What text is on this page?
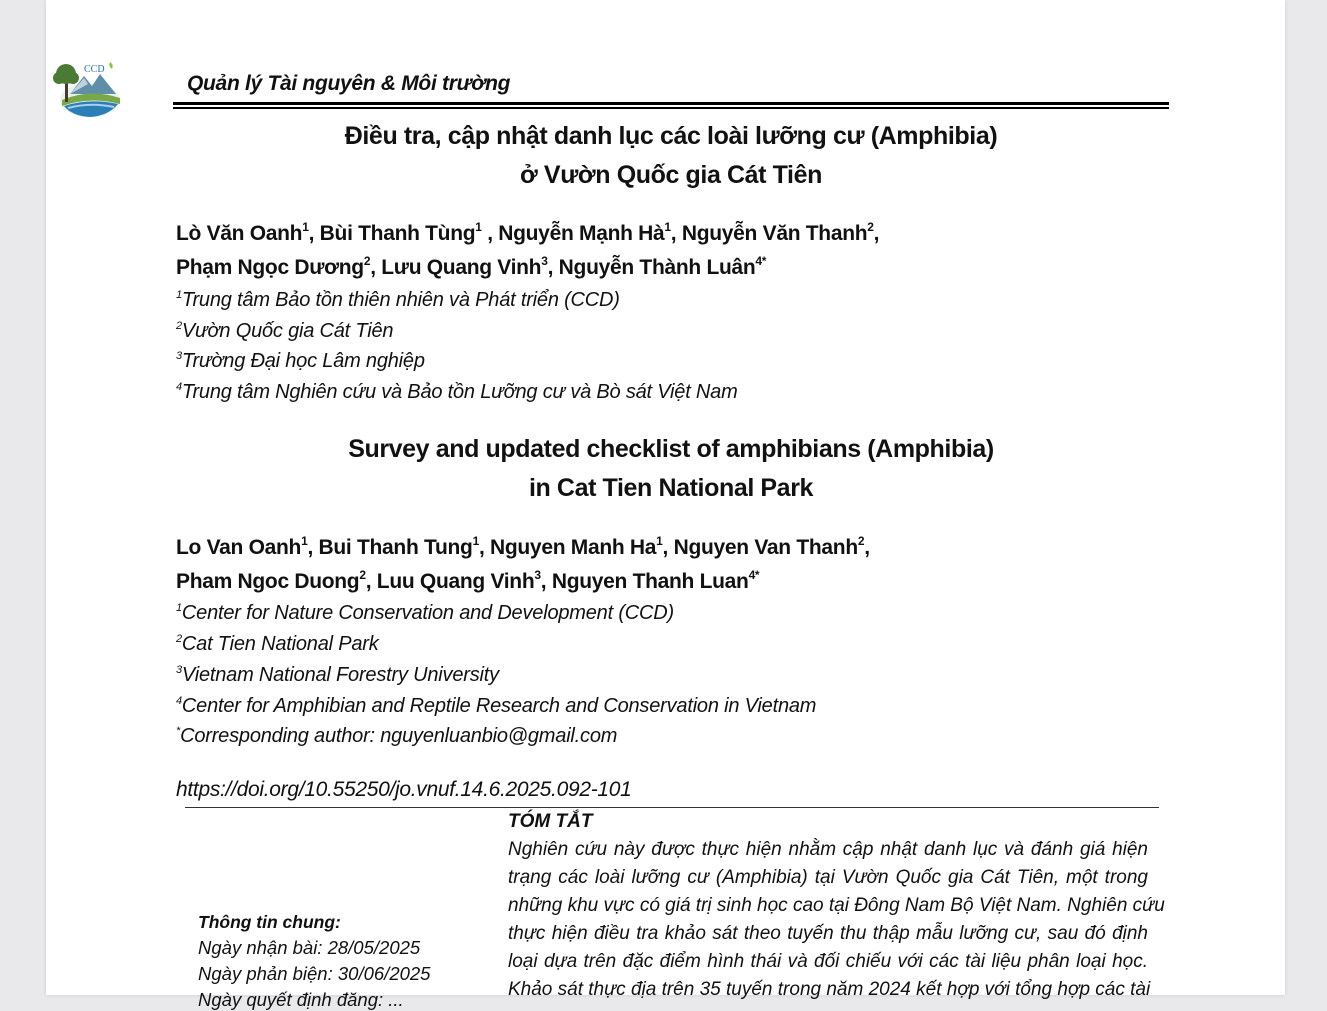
CCD
Quản lý Tài nguyên & Môi trường
Điều tra, cập nhật danh lục các loài lưỡng cư (Amphibia)
ở Vườn Quốc gia Cát Tiên
Lò Văn Oanh$^1$, Bùi Thanh Tùng$^1$ , Nguyễn Mạnh $Hà^1$, Nguyễn Văn Thanh$^2$,
Phạm Ngọc Dương$^2$, Lưu Quang Vinh$^3$, Nguyễn Thành Luân$^{4*}$
$^1$Trung tâm Bảo tồn thiên nhiên và Phát triển (CCD)
$^2$Vườn Quốc gia Cát Tiên
$^3$Trường Đại học Lâm nghiệp
$^4$Trung tâm Nghiên cứu và Bảo tồn Lưỡng cư và Bò sát Việt Nam
Survey and updated checklist of amphibians (Amphibia)
in Cat Tien National Park
Lo Van Oanh$^1$, Bui Thanh Tung$^1$, Nguyen Manh Ha$^1$, Nguyen Van Thanh$^2$,
Pham Ngoc Duong$^2$, Luu Quang Vinh$^3$, Nguyen Thanh Luan$^{4*}$
$^1$Center for Nature Conservation and Development (CCD)
$^2$Cat Tien National Park
$^3$Vietnam National Forestry University
$^4$Center for Amphibian and Reptile Research and Conservation in Vietnam
*Corresponding author: nguyenluanbio@gmail.com
https://doi.org/10.55250/jo.vnuf.14.6.2025.092-101
TÓM TẮT
Nghiên cứu này được thực hiện nhằm cập nhật danh lục và đánh giá hiện
trạng các loài lưỡng cư (Amphibia) tại Vườn Quốc gia Cát Tiên, một trong
những khu vực có giá trị sinh học cao tại Đông Nam Bộ Việt Nam. Nghiên cứu
thực hiện điều tra khảo sát theo tuyến thu thập mẫu lưỡng cư, sau đó định
loại dựa trên đặc điểm hình thái và đối chiếu với các tài liệu phân loại học.
Khảo sát thực địa trên 35 tuyến trong năm 2024 kết hợp với tổng hợp các tài
Thông tin chung:
Ngày nhận bài: 28/05/2025
Ngày phản biện: 30/06/2025
Ngày quyết định đăng: ...
